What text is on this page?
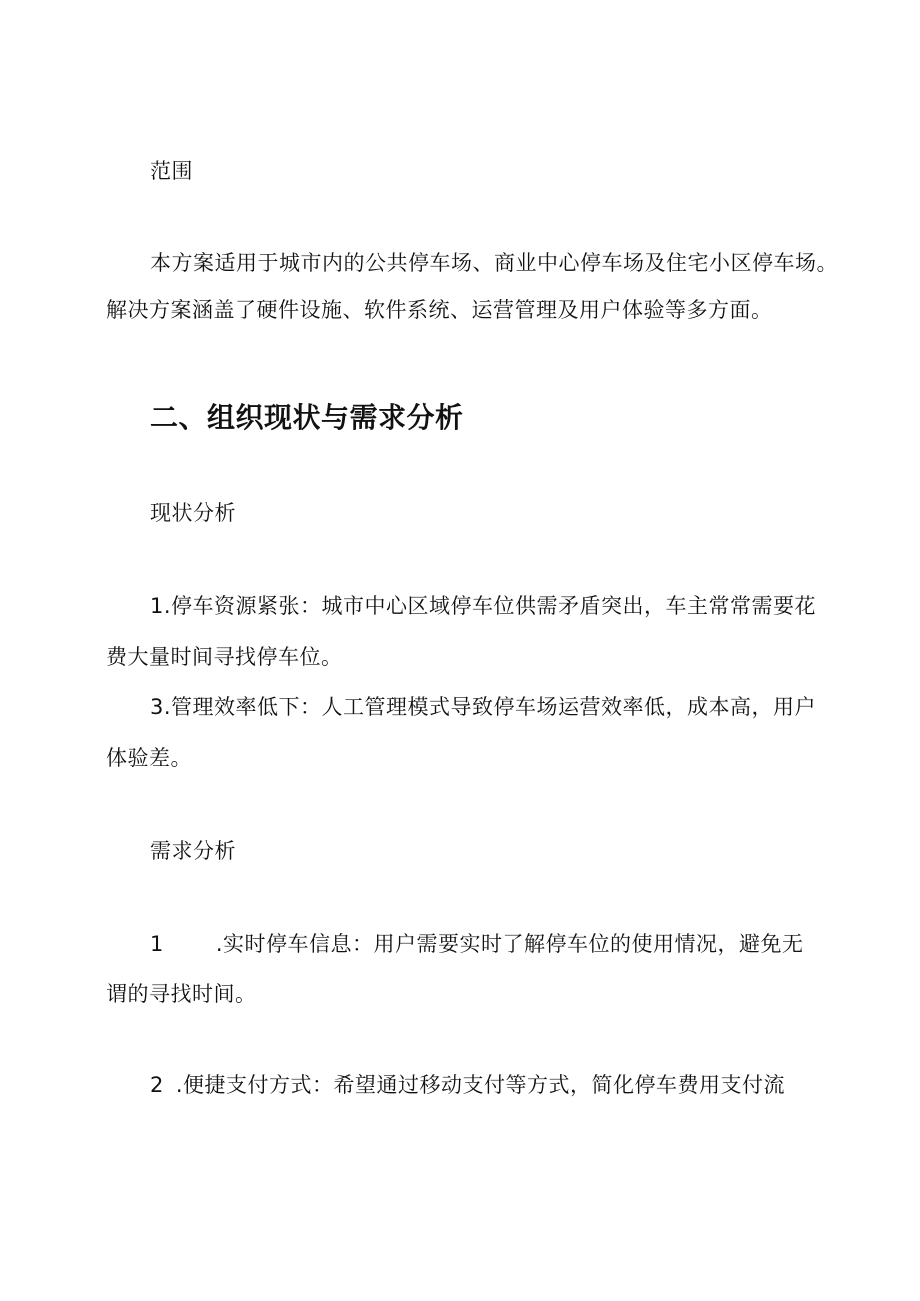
范围

本方案适用于城市内的公共停车场、商业中心停车场及住宅小区停车场。

解决方案涵盖了硬件设施、软件系统、运营管理及用户体验等多方面。

二、组织现状与需求分析

现状分析

1.停车资源紧张：城市中心区域停车位供需矛盾突出，车主常常需要花

费大量时间寻找停车位。

3.管理效率低下：人工管理模式导致停车场运营效率低，成本高，用户

体验差。

需求分析

1 .实时停车信息：用户需要实时了解停车位的使用情况，避免无

谓的寻找时间。

2 .便捷支付方式：希望通过移动支付等方式，简化停车费用支付流
